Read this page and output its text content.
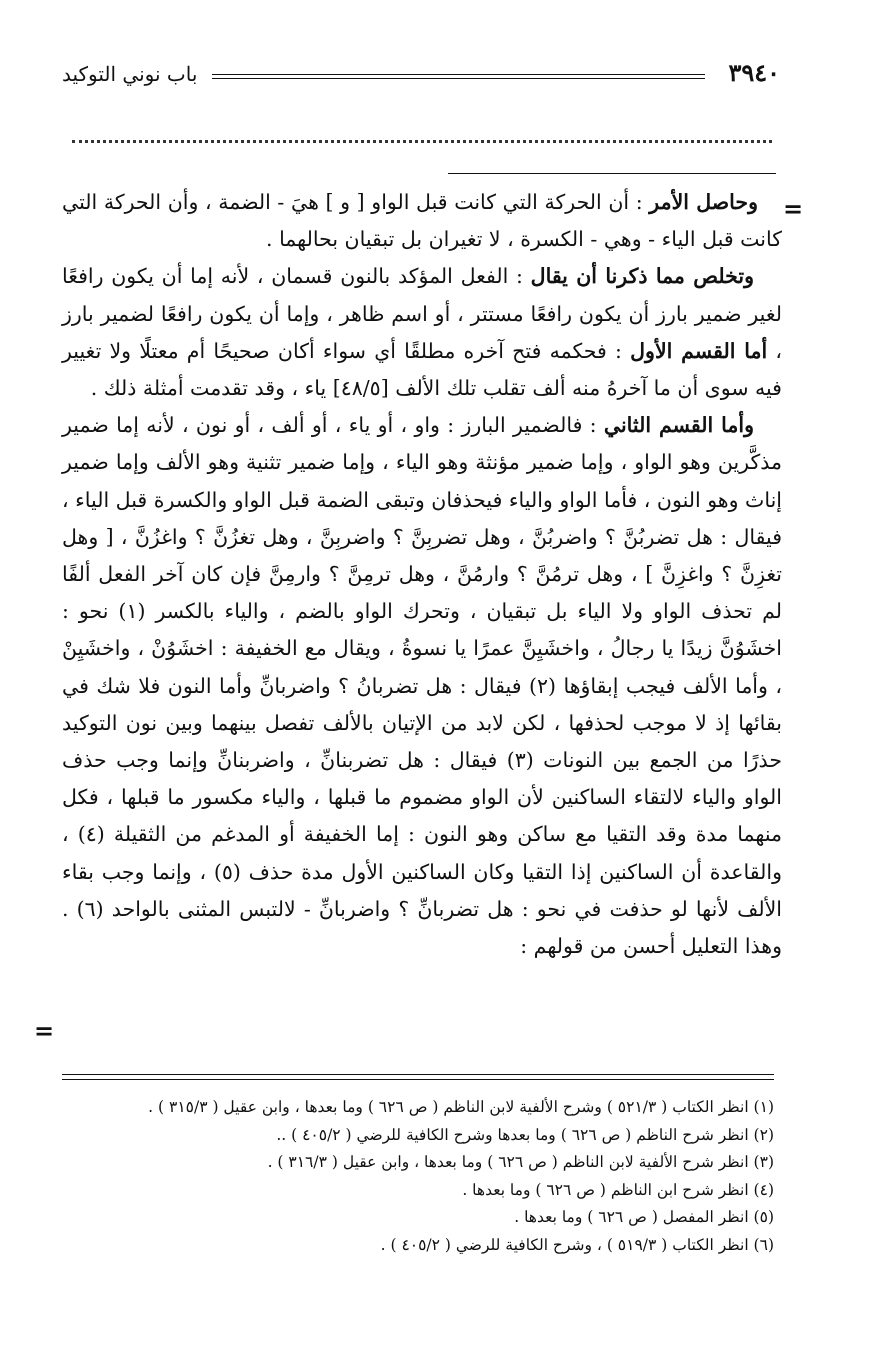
٣٩٤٠
باب نوني التوكيد
=
=

وحاصل الأمر : أن الحركة التي كانت قبل الواو [ و ] هيَ - الضمة ، وأن الحركة التي كانت قبل الياء - وهي - الكسرة ، لا تغيران بل تبقيان بحالهما .

وتخلص مما ذكرنا أن يقال : الفعل المؤكد بالنون قسمان ، لأنه إما أن يكون رافعًا لغير ضمير بارز أن يكون رافعًا مستتر ، أو اسم ظاهر ، وإما أن يكون رافعًا لضمير بارز ، أما القسم الأول : فحكمه فتح آخره مطلقًا أي سواء أكان صحيحًا أم معتلًا ولا تغيير فيه سوى أن ما آخرهُ منه ألف تقلب تلك الألف [٤٨/٥] ياء ، وقد تقدمت أمثلة ذلك .

وأما القسم الثاني : فالضمير البارز : واو ، أو ياء ، أو ألف ، أو نون ، لأنه إما ضمير مذكَّرين وهو الواو ، وإما ضمير مؤنثة وهو الياء ، وإما ضمير تثنية وهو الألف وإما ضمير إناث وهو النون ، فأما الواو والياء فيحذفان وتبقى الضمة قبل الواو والكسرة قبل الياء ، فيقال : هل تضربُنَّ ؟ واضربُنَّ ، وهل تضربِنَّ ؟ واضربِنَّ ، وهل تغزُنَّ ؟ واغزُنَّ ، [ وهل تغزِنَّ ؟ واغزِنَّ ] ، وهل ترمُنَّ ؟ وارمُنَّ ، وهل ترمِنَّ ؟ وارمِنَّ فإن كان آخر الفعل ألفًا لم تحذف الواو ولا الياء بل تبقيان ، وتحرك الواو بالضم ، والياء بالكسر (١) نحو : اخشَوُنَّ زيدًا يا رجالُ ، واخشَيِنَّ عمرًا يا نسوةُ ، ويقال مع الخفيفة : اخشَوُنْ ، واخشَيِنْ ، وأما الألف فيجب إبقاؤها (٢) فيقال : هل تضربانُ ؟ واضربانِّ وأما النون فلا شك في بقائها إذ لا موجب لحذفها ، لكن لابد من الإتيان بالألف تفصل بينهما وبين نون التوكيد حذرًا من الجمع بين النونات (٣) فيقال : هل تضربنانِّ ، واضربنانِّ وإنما وجب حذف الواو والياء لالتقاء الساكنين لأن الواو مضموم ما قبلها ، والياء مكسور ما قبلها ، فكل منهما مدة وقد التقيا مع ساكن وهو النون : إما الخفيفة أو المدغم من الثقيلة (٤) ، والقاعدة أن الساكنين إذا التقيا وكان الساكنين الأول مدة حذف (٥) ، وإنما وجب بقاء الألف لأنها لو حذفت في نحو : هل تضربانِّ ؟ واضربانِّ - لالتبس المثنى بالواحد (٦) . وهذا التعليل أحسن من قولهم :

(١) انظر الكتاب ( ٥٢١/٣ ) وشرح الألفية لابن الناظم ( ص ٦٢٦ ) وما بعدها ، وابن عقيل ( ٣١٥/٣ ) .
(٢) انظر شرح الناظم ( ص ٦٢٦ ) وما بعدها وشرح الكافية للرضي ( ٤٠٥/٢ ) ..
(٣) انظر شرح الألفية لابن الناظم ( ص ٦٢٦ ) وما بعدها ، وابن عقيل ( ٣١٦/٣ ) .
(٤) انظر شرح ابن الناظم ( ص ٦٢٦ ) وما بعدها .
(٥) انظر المفصل ( ص ٦٢٦ ) وما بعدها .
(٦) انظر الكتاب ( ٥١٩/٣ ) ، وشرح الكافية للرضي ( ٤٠٥/٢ ) .
